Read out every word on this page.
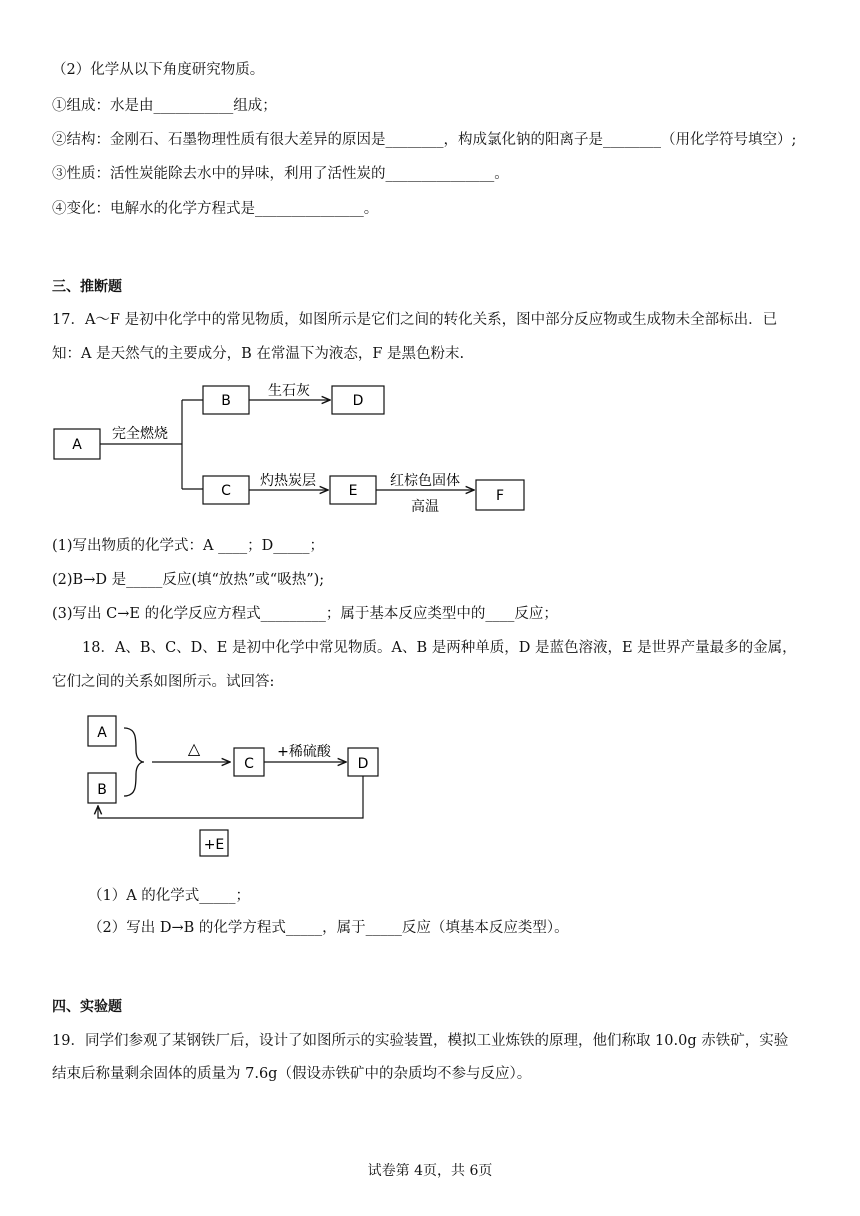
（2）化学从以下角度研究物质。
①组成：水是由___________组成；
②结构：金刚石、石墨物理性质有很大差异的原因是________，构成氯化钠的阳离子是________（用化学符号填空）;
③性质：活性炭能除去水中的异味，利用了活性炭的_______________。
④变化：电解水的化学方程式是_______________。
三、推断题
17．A～F 是初中化学中的常见物质，如图所示是它们之间的转化关系，图中部分反应物或生成物未全部标出．已
知：A 是天然气的主要成分，B 在常温下为液态，F 是黑色粉末.
A
完全燃烧
B
生石灰
D
C
灼热炭层
E
红棕色固体
高温
F
(1)写出物质的化学式：A ____；D_____；
(2)B→D 是_____反应(填“放热”或“吸热”);
(3)写出 C→E 的化学反应方程式_________；属于基本反应类型中的____反应；
18．A、B、C、D、E 是初中化学中常见物质。A、B 是两种单质，D 是蓝色溶液，E 是世界产量最多的金属，
它们之间的关系如图所示。试回答:
A
B
△
C
+稀硫酸
D
+E
（1）A 的化学式_____；
（2）写出 D→B 的化学方程式_____，属于_____反应（填基本反应类型）。
四、实验题
19．同学们参观了某钢铁厂后，设计了如图所示的实验装置，模拟工业炼铁的原理，他们称取 10.0g 赤铁矿，实验
结束后称量剩余固体的质量为 7.6g（假设赤铁矿中的杂质均不参与反应）。
试卷第 4页，共 6页
